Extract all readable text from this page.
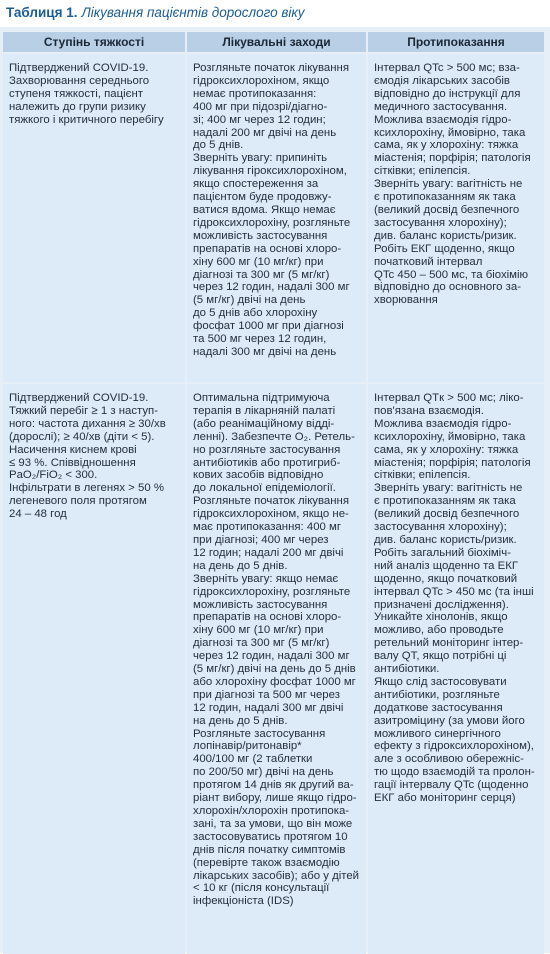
Таблиця 1. Лікування пацієнтів дорослого віку
Ступінь тяжкості	Лікувальні заходи	Протипоказання
Підтверджений COVID-19.
Захворювання середнього
ступеня тяжкості, пацієнт
належить до групи ризику
тяжкого і критичного перебігу
Розгляньте початок лікування
гідроксихлорохіном, якщо
немає протипоказання:
400 мг при підозрі/діагно-
зі; 400 мг через 12 годин;
надалі 200 мг двічі на день
до 5 днів.
Зверніть увагу: припиніть
лікування гіроксихлорохіном,
якщо спостереження за
пацієнтом буде продовжу-
ватися вдома. Якщо немає
гідроксихлорохіну, розгляньте
можливість застосування
препаратів на основі хлоро-
хіну 600 мг (10 мг/кг) при
діагнозі та 300 мг (5 мг/кг)
через 12 годин, надалі 300 мг
(5 мг/кг) двічі на день
до 5 днів або хлорохіну
фосфат 1000 мг при діагнозі
та 500 мг через 12 годин,
надалі 300 мг двічі на день
Інтервал QTc > 500 мс; вза-
ємодія лікарських засобів
відповідно до інструкції для
медичного застосування.
Можлива взаємодія гідро-
ксихлорохіну, ймовірно, така
сама, як у хлорохіну: тяжка
міастенія; порфірія; патологія
сітківки; епілепсія.
Зверніть увагу: вагітність не
є протипоказанням як така
(великий досвід безпечного
застосування хлорохіну);
див. баланс користь/ризик.
Робіть ЕКГ щоденно, якщо
початковий інтервал
QTc 450 – 500 мс, та біохімію
відповідно до основного за-
хворювання
Підтверджений COVID-19.
Тяжкий перебіг ≥ 1 з наступ-
ного: частота дихання ≥ 30/хв
(дорослі); ≥ 40/хв (діти < 5).
Насичення киснем крові
≤ 93 %. Співвідношення
PaO₂/FiO₂ < 300.
Інфільтрати в легенях > 50 %
легеневого поля протягом
24 – 48 год
Оптимальна підтримуюча
терапія в лікарняній палаті
(або реанімаційному відді-
ленні). Забезпечте O₂. Ретель-
но розгляньте застосування
антибіотиків або протигриб-
кових засобів відповідно
до локальної епідеміології.
Розгляньте початок лікування
гідроксихлорохіном, якщо не-
має протипоказання: 400 мг
при діагнозі; 400 мг через
12 годин; надалі 200 мг двічі
на день до 5 днів.
Зверніть увагу: якщо немає
гідроксихлорохіну, розгляньте
можливість застосування
препаратів на основі хлоро-
хіну 600 мг (10 мг/кг) при
діагнозі та 300 мг (5 мг/кг)
через 12 годин, надалі 300 мг
(5 мг/кг) двічі на день до 5 днів
або хлорохіну фосфат 1000 мг
при діагнозі та 500 мг через
12 годин, надалі 300 мг двічі
на день до 5 днів.
Розгляньте застосування
лопінавір/ритонавір*
400/100 мг (2 таблетки
по 200/50 мг) двічі на день
протягом 14 днів як другий ва-
ріант вибору, лише якщо гідро-
хлорохін/хлорохін протипока-
зані, та за умови, що він може
застосовуватись протягом 10
днів після початку симптомів
(перевірте також взаємодію
лікарських засобів); або у дітей
< 10 кг (після консультації
інфекціоніста (IDS)
Інтервал QTк > 500 мс; ліко-
пов'язана взаємодія.
Можлива взаємодія гідро-
ксихлорохіну, ймовірно, така
сама, як у хлорохіну: тяжка
міастенія; порфірія; патологія
сітківки; епілепсія.
Зверніть увагу: вагітність не
є протипоказанням як така
(великий досвід безпечного
застосування хлорохіну);
див. баланс користь/ризик.
Робіть загальний біохіміч-
ний аналіз щоденно та ЕКГ
щоденно, якщо початковий
інтервал QTc > 450 мс (та інші
призначені дослідження).
Уникайте хінолонів, якщо
можливо, або проводьте
ретельний моніторинг інтер-
валу QT, якщо потрібні ці
антибіотики.
Якщо слід застосовувати
антибіотики, розгляньте
додаткове застосування
азитроміцину (за умови його
можливого синергічного
ефекту з гідроксихлорохіном),
але з особливою обережніс-
тю щодо взаємодій та пролон-
гації інтервалу QTc (щоденно
ЕКГ або моніторинг серця)
